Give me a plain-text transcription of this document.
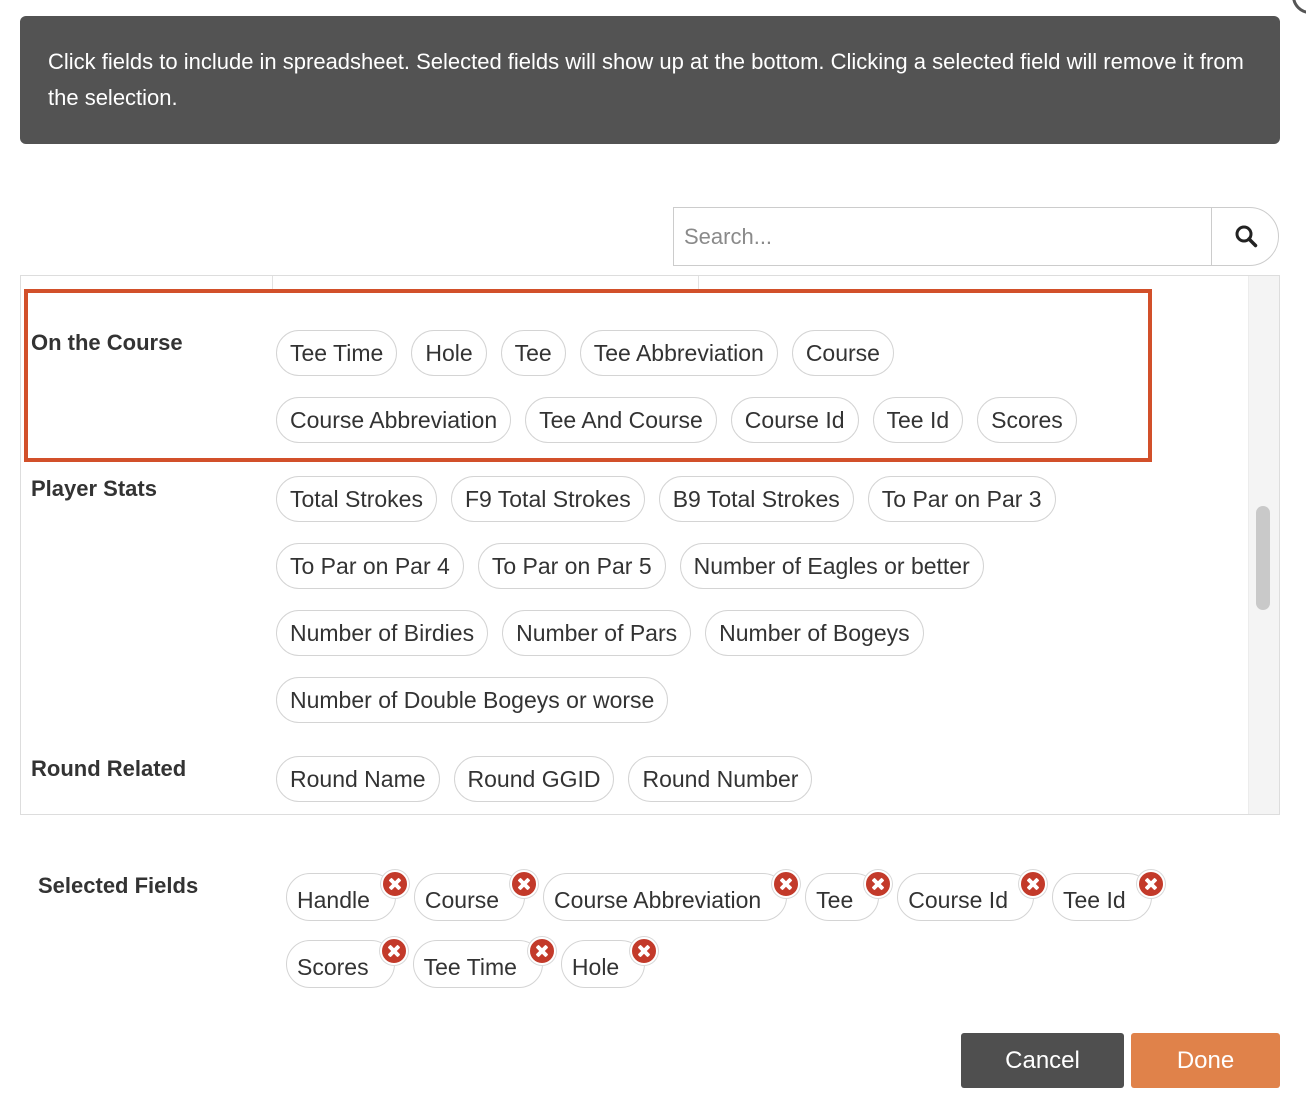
Click fields to include in spreadsheet. Selected fields will show up at the bottom. Clicking a selected field will remove it from the selection.
Search...
On the Course	Tee Time	Hole	Tee	Tee Abbreviation	Course
Course Abbreviation	Tee And Course	Course Id	Tee Id	Scores
Player Stats	Total Strokes	F9 Total Strokes	B9 Total Strokes	To Par on Par 3
To Par on Par 4	To Par on Par 5	Number of Eagles or better
Number of Birdies	Number of Pars	Number of Bogeys
Number of Double Bogeys or worse
Round Related	Round Name	Round GGID	Round Number
Selected Fields
Handle	Course	Course Abbreviation	Tee	Course Id	Tee Id
Scores	Tee Time	Hole
Cancel	Done
